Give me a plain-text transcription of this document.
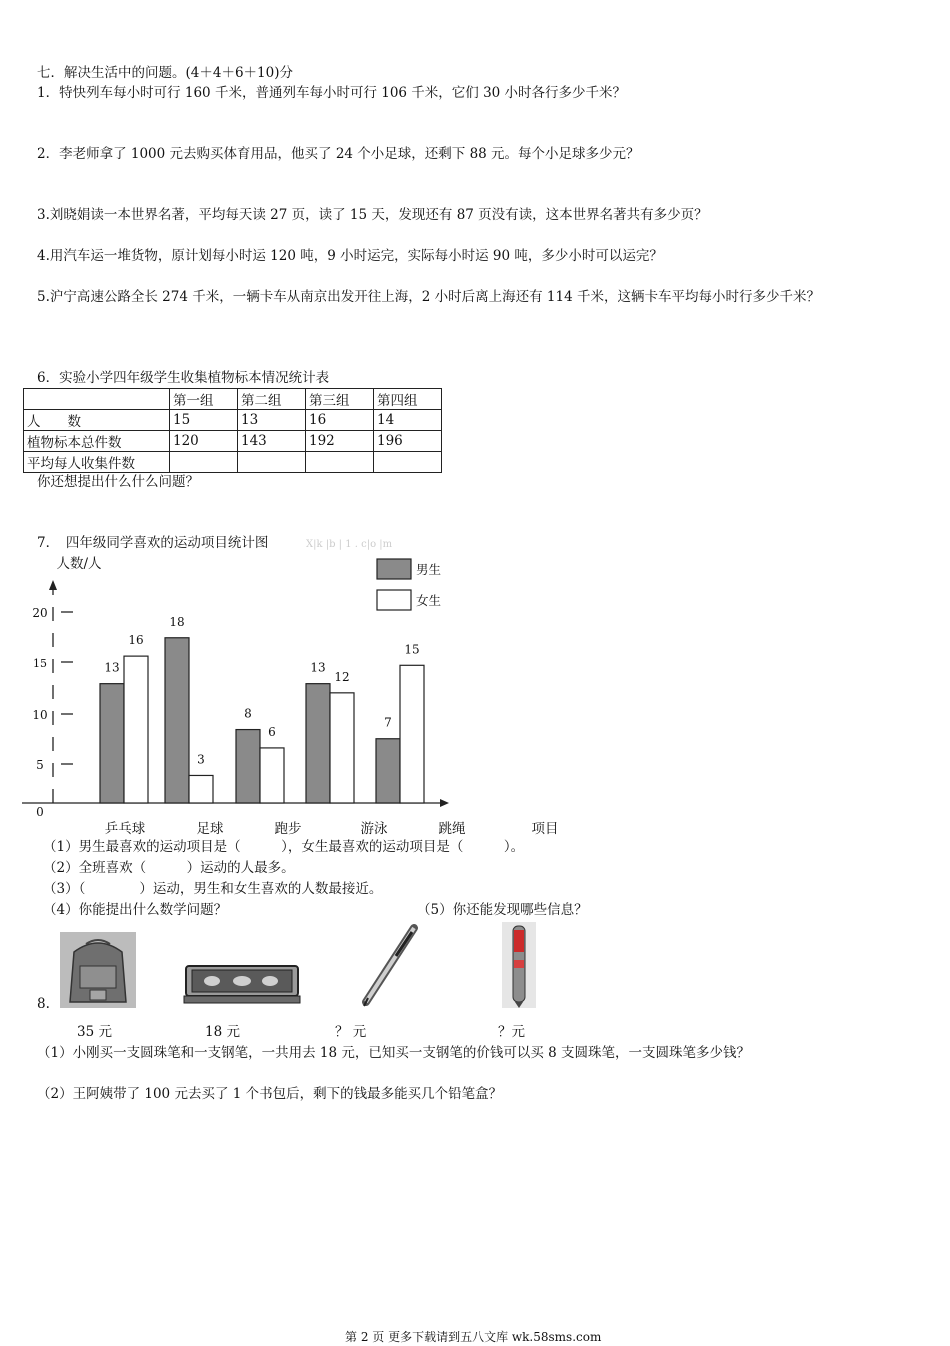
七．解决生活中的问题。(4＋4＋6＋10)分
1．特快列车每小时可行 160 千米，普通列车每小时可行 106 千米，它们 30 小时各行多少千米？
2．李老师拿了 1000 元去购买体育用品，他买了 24 个小足球，还剩下 88 元。每个小足球多少元？
3.刘晓娟读一本世界名著，平均每天读 27 页，读了 15 天，发现还有 87 页没有读，这本世界名著共有多少页？
4.用汽车运一堆货物，原计划每小时运 120 吨，9 小时运完，实际每小时运 90 吨，多少小时可以运完？
5.沪宁高速公路全长 274 千米，一辆卡车从南京出发开往上海，2 小时后离上海还有 114 千米，这辆卡车平均每小时行多少千米？
6．实验小学四年级学生收集植物标本情况统计表
	第一组	第二组	第三组	第四组
人　　数	15	13	16	14
植物标本总件数	120	143	192	196
平均每人收集件数				
你还想提出什么什么问题？
7．　四年级同学喜欢的运动项目统计图	X|k |b | 1 . c|o |m
人数/人
0
5
10
15
20
13
16
乒乓球
18
3
足球
8
6
跑步
13
12
游泳
7
15
跳绳	项目
男生
女生
（1）男生最喜欢的运动项目是（　　　），女生最喜欢的运动项目是（　　　）。
（2）全班喜欢（　　　）运动的人最多。
（3）（　　　　）运动，男生和女生喜欢的人数最接近。
（4）你能提出什么数学问题？	（5）你还能发现哪些信息？
8.
35 元	18 元	？ 元	？元
（1）小刚买一支圆珠笔和一支钢笔，一共用去 18 元，已知买一支钢笔的价钱可以买 8 支圆珠笔，一支圆珠笔多少钱？
（2）王阿姨带了 100 元去买了 1 个书包后，剩下的钱最多能买几个铅笔盒？
第 2 页 更多下载请到五八文库 wk.58sms.com
